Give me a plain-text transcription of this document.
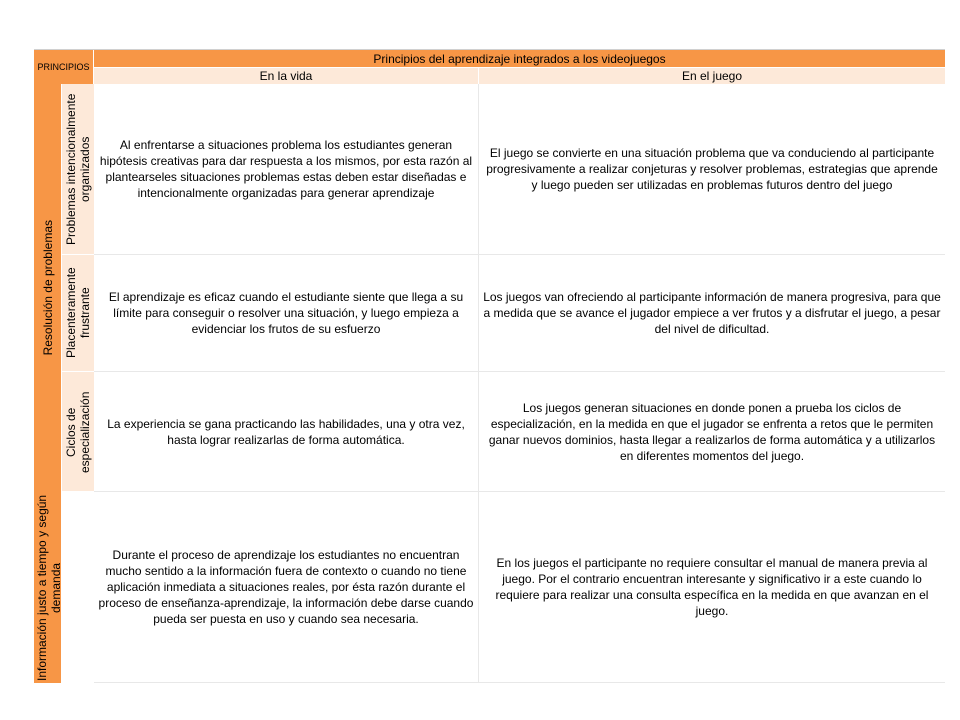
PRINCIPIOS
Principios del aprendizaje integrados a los videojuegos
En la vida	En el juego
Resolución de problemas
Información justo a tiempo y según demanda
Problemas intencionalmente organizados
Placenteramente frustrante
Ciclos de especialización
Al enfrentarse a situaciones problema los estudiantes generan hipótesis creativas para dar respuesta a los mismos, por esta razón al plantearseles situaciones problemas estas deben estar diseñadas e intencionalmente organizadas para generar aprendizaje
El juego se convierte en una situación problema que va conduciendo al participante progresivamente a realizar conjeturas y resolver problemas, estrategias que aprende y luego pueden ser utilizadas en problemas futuros dentro del juego
El aprendizaje es eficaz cuando el estudiante siente que llega a su límite para conseguir o resolver una situación, y luego empieza a evidenciar los frutos de su esfuerzo
Los juegos van ofreciendo al participante información de manera progresiva, para que a medida que se avance el jugador empiece a ver frutos y a disfrutar el juego, a pesar del nivel de dificultad.
La experiencia se gana practicando las habilidades, una y otra vez, hasta lograr realizarlas de forma automática.
Los juegos generan situaciones en donde ponen a prueba los ciclos de especialización, en la medida en que el jugador se enfrenta a retos que le permiten ganar nuevos dominios, hasta llegar a realizarlos de forma automática y a utilizarlos en diferentes momentos del juego.
Durante el proceso de aprendizaje los estudiantes no encuentran mucho sentido a la información fuera de contexto o cuando no tiene aplicación inmediata a situaciones reales, por ésta razón durante el proceso de enseñanza-aprendizaje, la información debe darse cuando pueda ser puesta en uso y cuando sea necesaria.
En los juegos el participante no requiere consultar el manual de manera previa al juego. Por el contrario encuentran interesante y significativo ir a este cuando lo requiere para realizar una consulta específica en la medida en que avanzan en el juego.
